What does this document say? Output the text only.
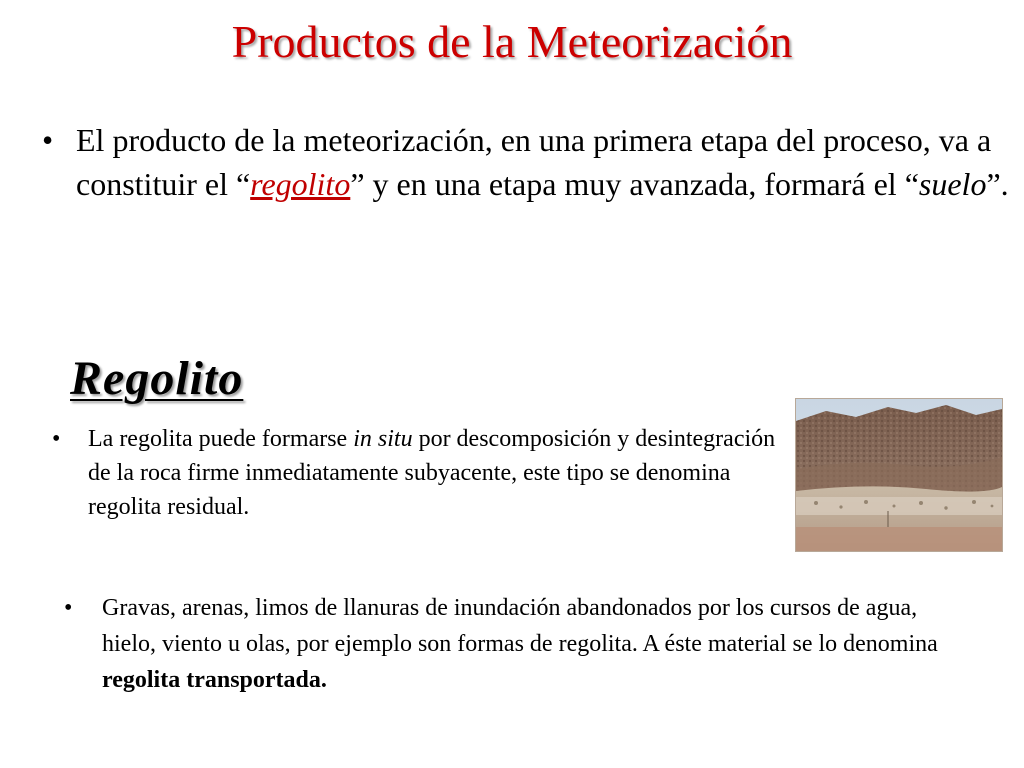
Productos de la Meteorización
• El producto de la meteorización, en una primera etapa del proceso, va a constituir el “regolito” y en una etapa muy avanzada, formará el “suelo”.

Regolito
• La regolita puede formarse in situ por descomposición y desintegración de la roca firme inmediatamente subyacente, este tipo se denomina regolita residual.

• Gravas, arenas, limos de llanuras de inundación abandonados por los cursos de agua, hielo, viento u olas, por ejemplo son formas de regolita. A éste material se lo denomina regolita transportada.
